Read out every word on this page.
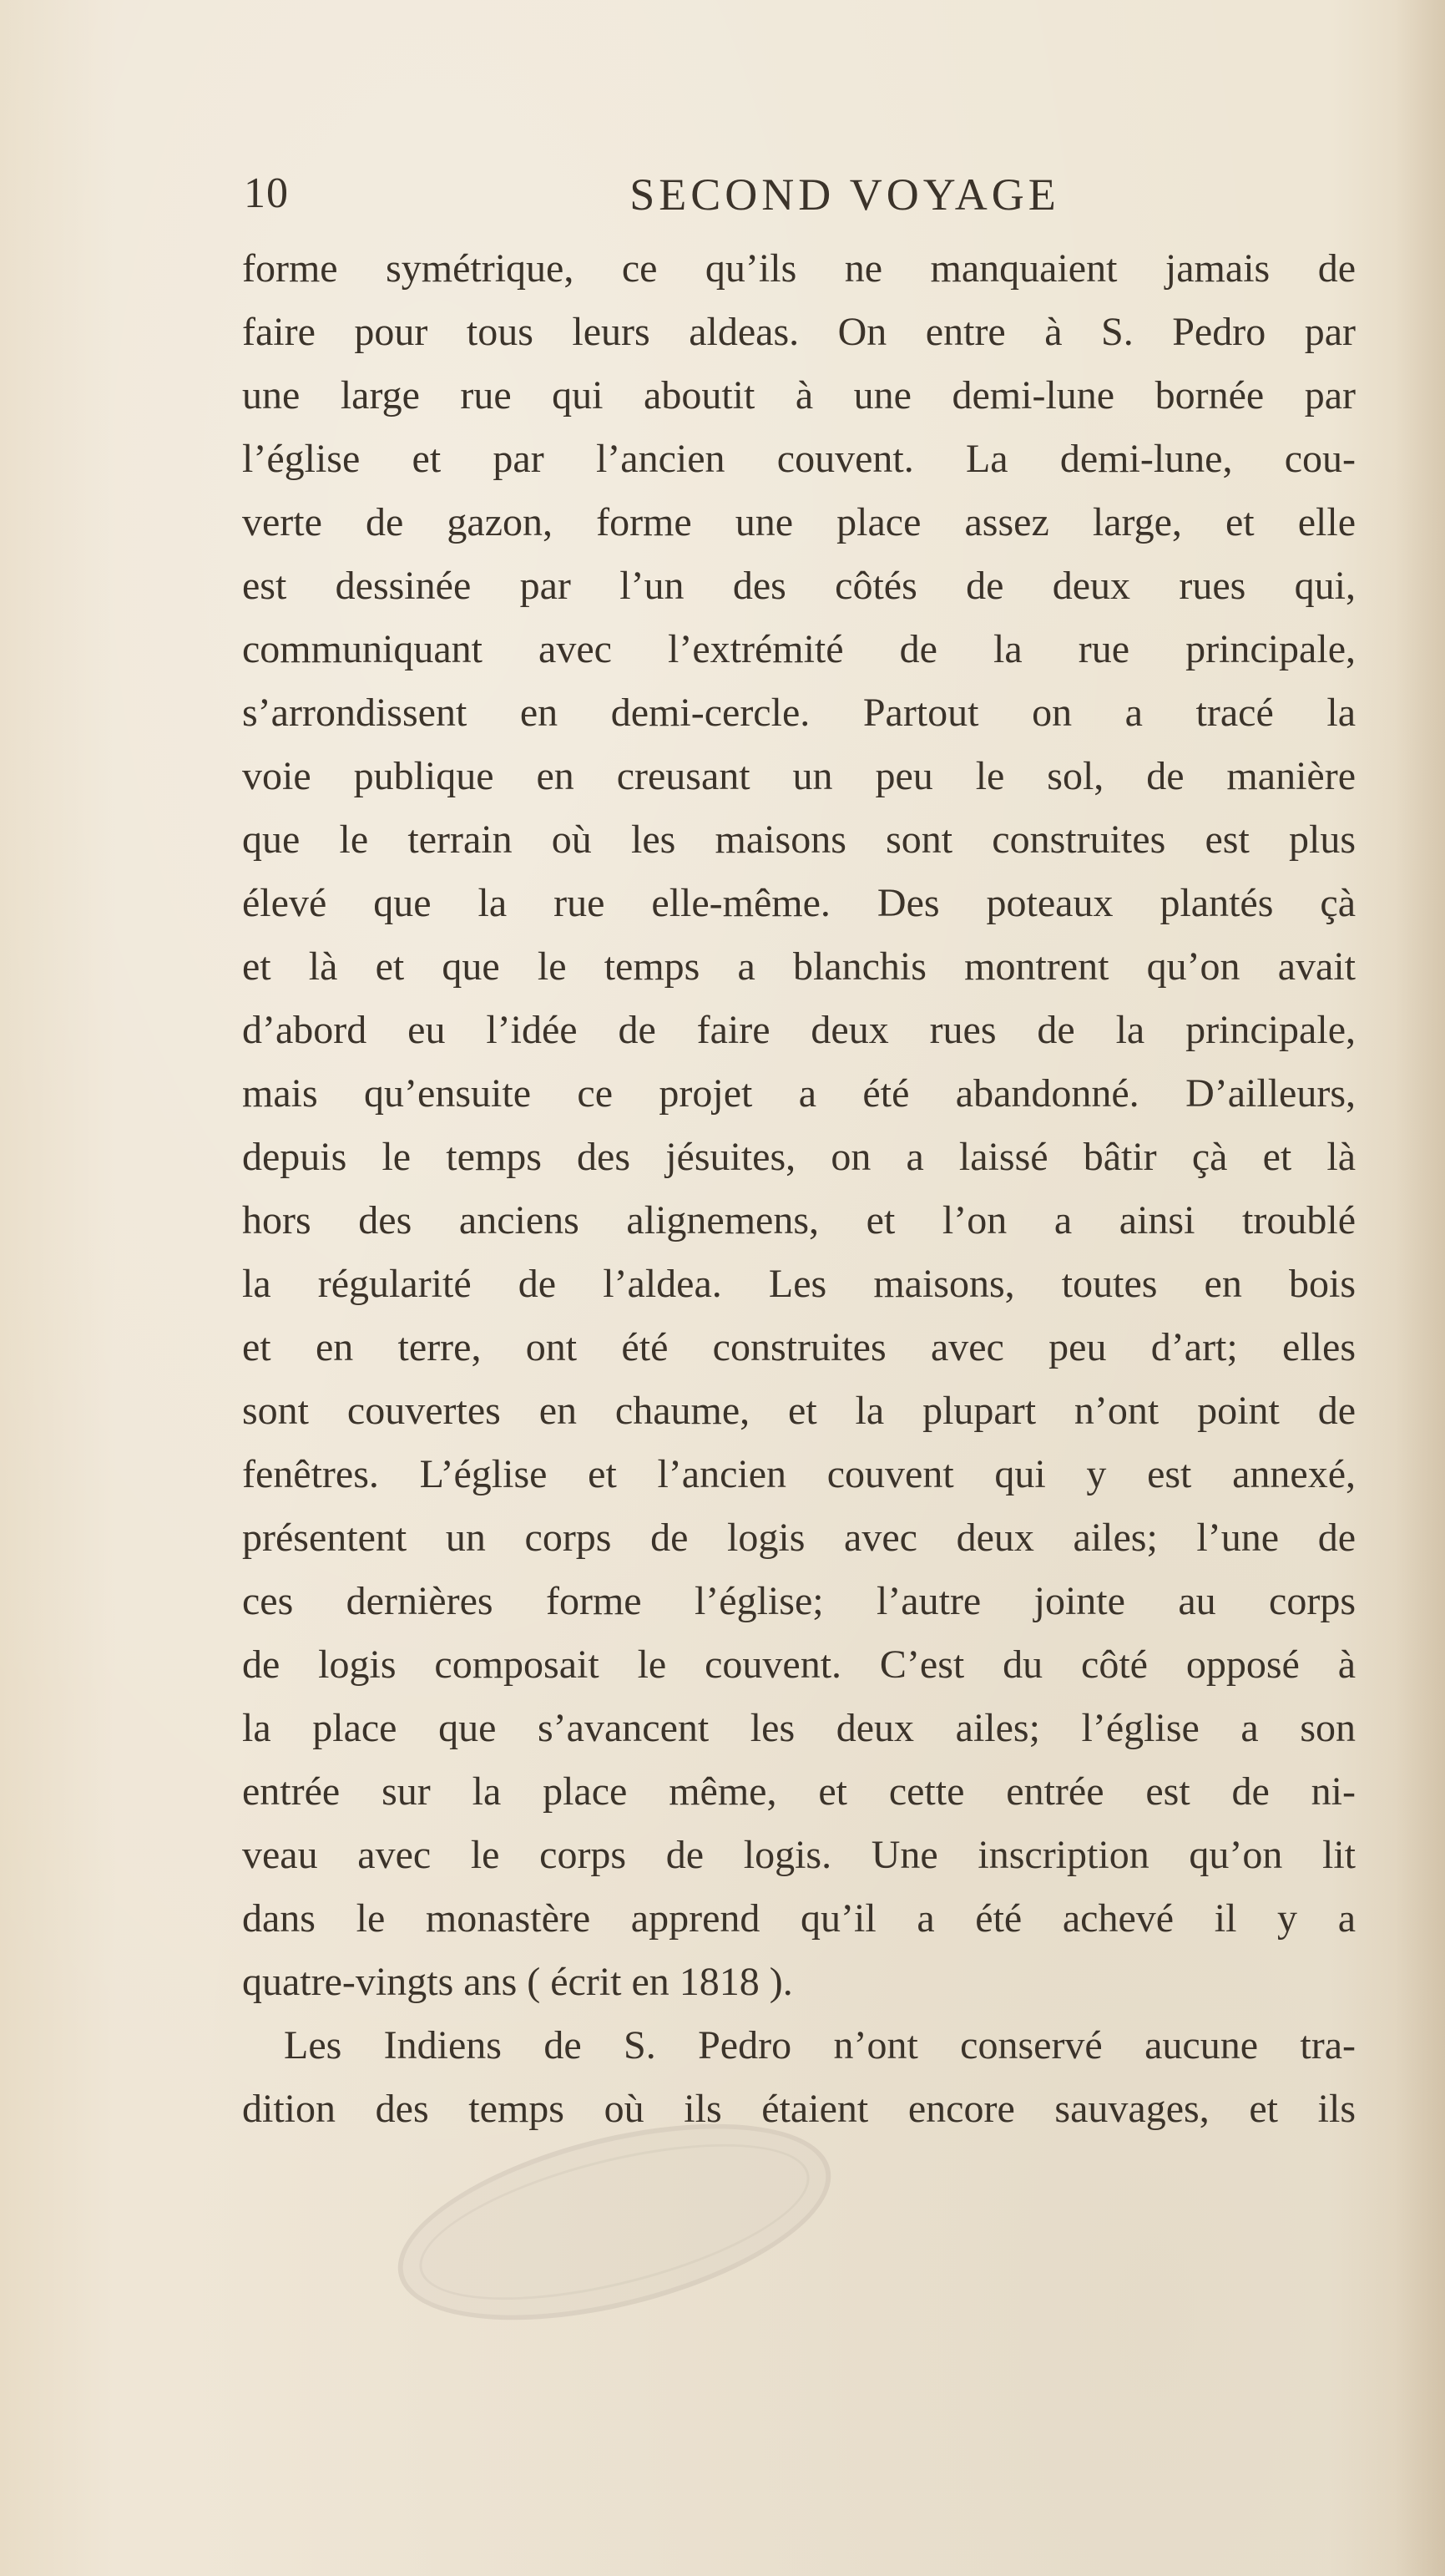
10	SECOND VOYAGE
forme symétrique, ce qu’ils ne manquaient jamais de
faire pour tous leurs aldeas. On entre à S. Pedro par
une large rue qui aboutit à une demi-lune bornée par
l’église et par l’ancien couvent. La demi-lune, cou-
verte de gazon, forme une place assez large, et elle
est dessinée par l’un des côtés de deux rues qui,
communiquant avec l’extrémité de la rue principale,
s’arrondissent en demi-cercle. Partout on a tracé la
voie publique en creusant un peu le sol, de manière
que le terrain où les maisons sont construites est plus
élevé que la rue elle-même. Des poteaux plantés çà
et là et que le temps a blanchis montrent qu’on avait
d’abord eu l’idée de faire deux rues de la principale,
mais qu’ensuite ce projet a été abandonné. D’ailleurs,
depuis le temps des jésuites, on a laissé bâtir çà et là
hors des anciens alignemens, et l’on a ainsi troublé
la régularité de l’aldea. Les maisons, toutes en bois
et en terre, ont été construites avec peu d’art; elles
sont couvertes en chaume, et la plupart n’ont point de
fenêtres. L’église et l’ancien couvent qui y est annexé,
présentent un corps de logis avec deux ailes; l’une de
ces dernières forme l’église; l’autre jointe au corps
de logis composait le couvent. C’est du côté opposé à
la place que s’avancent les deux ailes; l’église a son
entrée sur la place même, et cette entrée est de ni-
veau avec le corps de logis. Une inscription qu’on lit
dans le monastère apprend qu’il a été achevé il y a
quatre-vingts ans ( écrit en 1818 ).
Les Indiens de S. Pedro n’ont conservé aucune tra-
dition des temps où ils étaient encore sauvages, et ils
